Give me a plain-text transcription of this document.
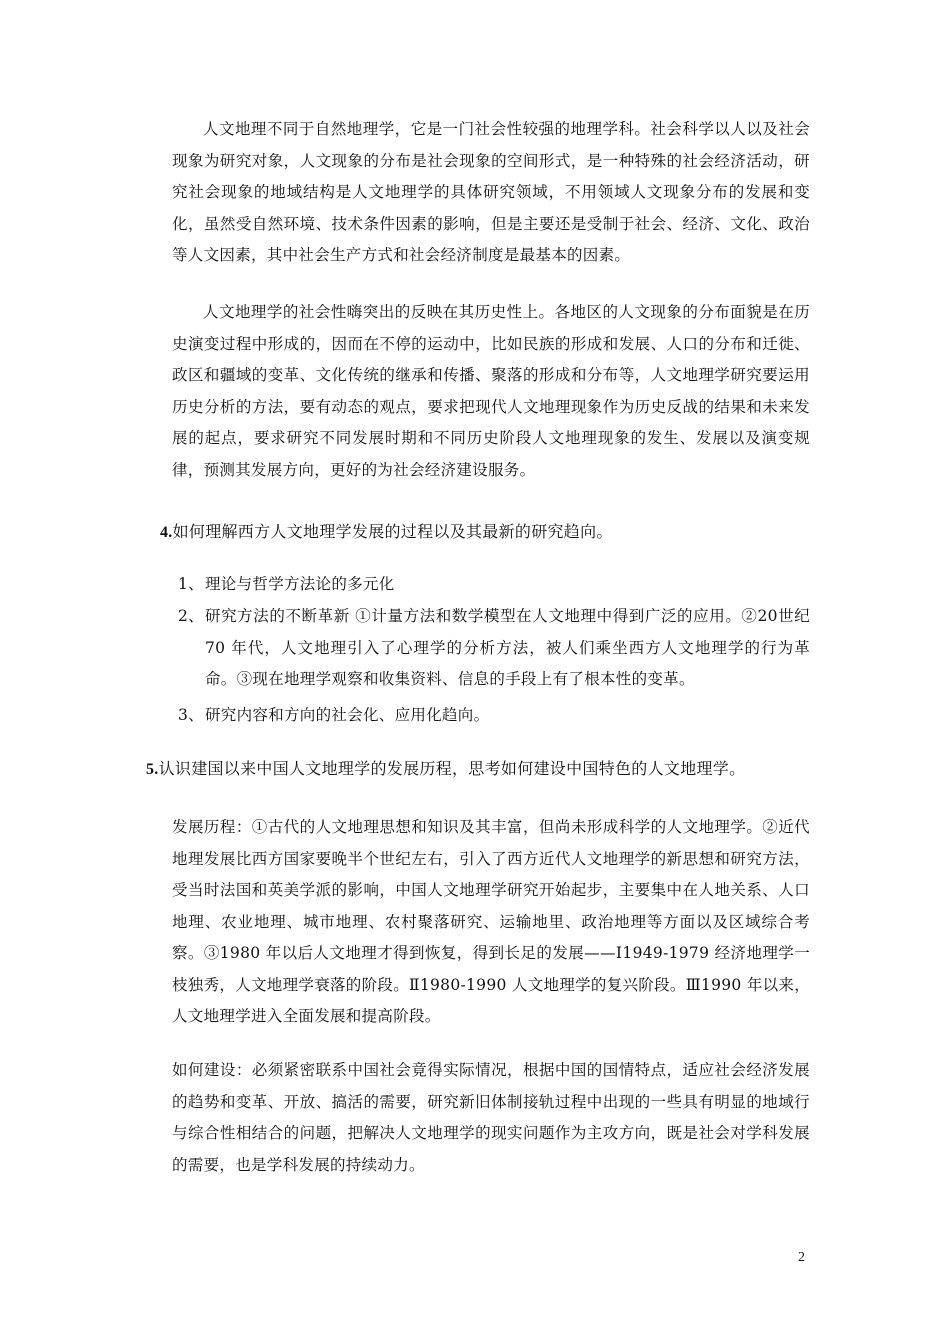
人文地理不同于自然地理学，它是一门社会性较强的地理学科。社会科学以人以及社会现象为研究对象，人文现象的分布是社会现象的空间形式，是一种特殊的社会经济活动，研究社会现象的地域结构是人文地理学的具体研究领域，不用领域人文现象分布的发展和变化，虽然受自然环境、技术条件因素的影响，但是主要还是受制于社会、经济、文化、政治等人文因素，其中社会生产方式和社会经济制度是最基本的因素。
人文地理学的社会性嗨突出的反映在其历史性上。各地区的人文现象的分布面貌是在历史演变过程中形成的，因而在不停的运动中，比如民族的形成和发展、人口的分布和迁徙、政区和疆域的变革、文化传统的继承和传播、聚落的形成和分布等，人文地理学研究要运用历史分析的方法，要有动态的观点，要求把现代人文地理现象作为历史反战的结果和未来发展的起点，要求研究不同发展时期和不同历史阶段人文地理现象的发生、发展以及演变规律，预测其发展方向，更好的为社会经济建设服务。
4.如何理解西方人文地理学发展的过程以及其最新的研究趋向。
1、 理论与哲学方法论的多元化
2、 研究方法的不断革新 ①计量方法和数学模型在人文地理中得到广泛的应用。②20世纪 70 年代，人文地理引入了心理学的分析方法，被人们乘坐西方人文地理学的行为革命。③现在地理学观察和收集资料、信息的手段上有了根本性的变革。
3、 研究内容和方向的社会化、应用化趋向。
5.认识建国以来中国人文地理学的发展历程，思考如何建设中国特色的人文地理学。
发展历程：①古代的人文地理思想和知识及其丰富，但尚未形成科学的人文地理学。②近代地理发展比西方国家要晚半个世纪左右，引入了西方近代人文地理学的新思想和研究方法，受当时法国和英美学派的影响，中国人文地理学研究开始起步，主要集中在人地关系、人口地理、农业地理、城市地理、农村聚落研究、运输地里、政治地理等方面以及区域综合考察。③1980 年以后人文地理才得到恢复，得到长足的发展——Ⅰ1949-1979 经济地理学一枝独秀，人文地理学衰落的阶段。Ⅱ1980-1990 人文地理学的复兴阶段。Ⅲ1990 年以来，人文地理学进入全面发展和提高阶段。
如何建设：必须紧密联系中国社会竟得实际情况，根据中国的国情特点，适应社会经济发展的趋势和变革、开放、搞活的需要，研究新旧体制接轨过程中出现的一些具有明显的地域行与综合性相结合的问题，把解决人文地理学的现实问题作为主攻方向，既是社会对学科发展的需要，也是学科发展的持续动力。
2
